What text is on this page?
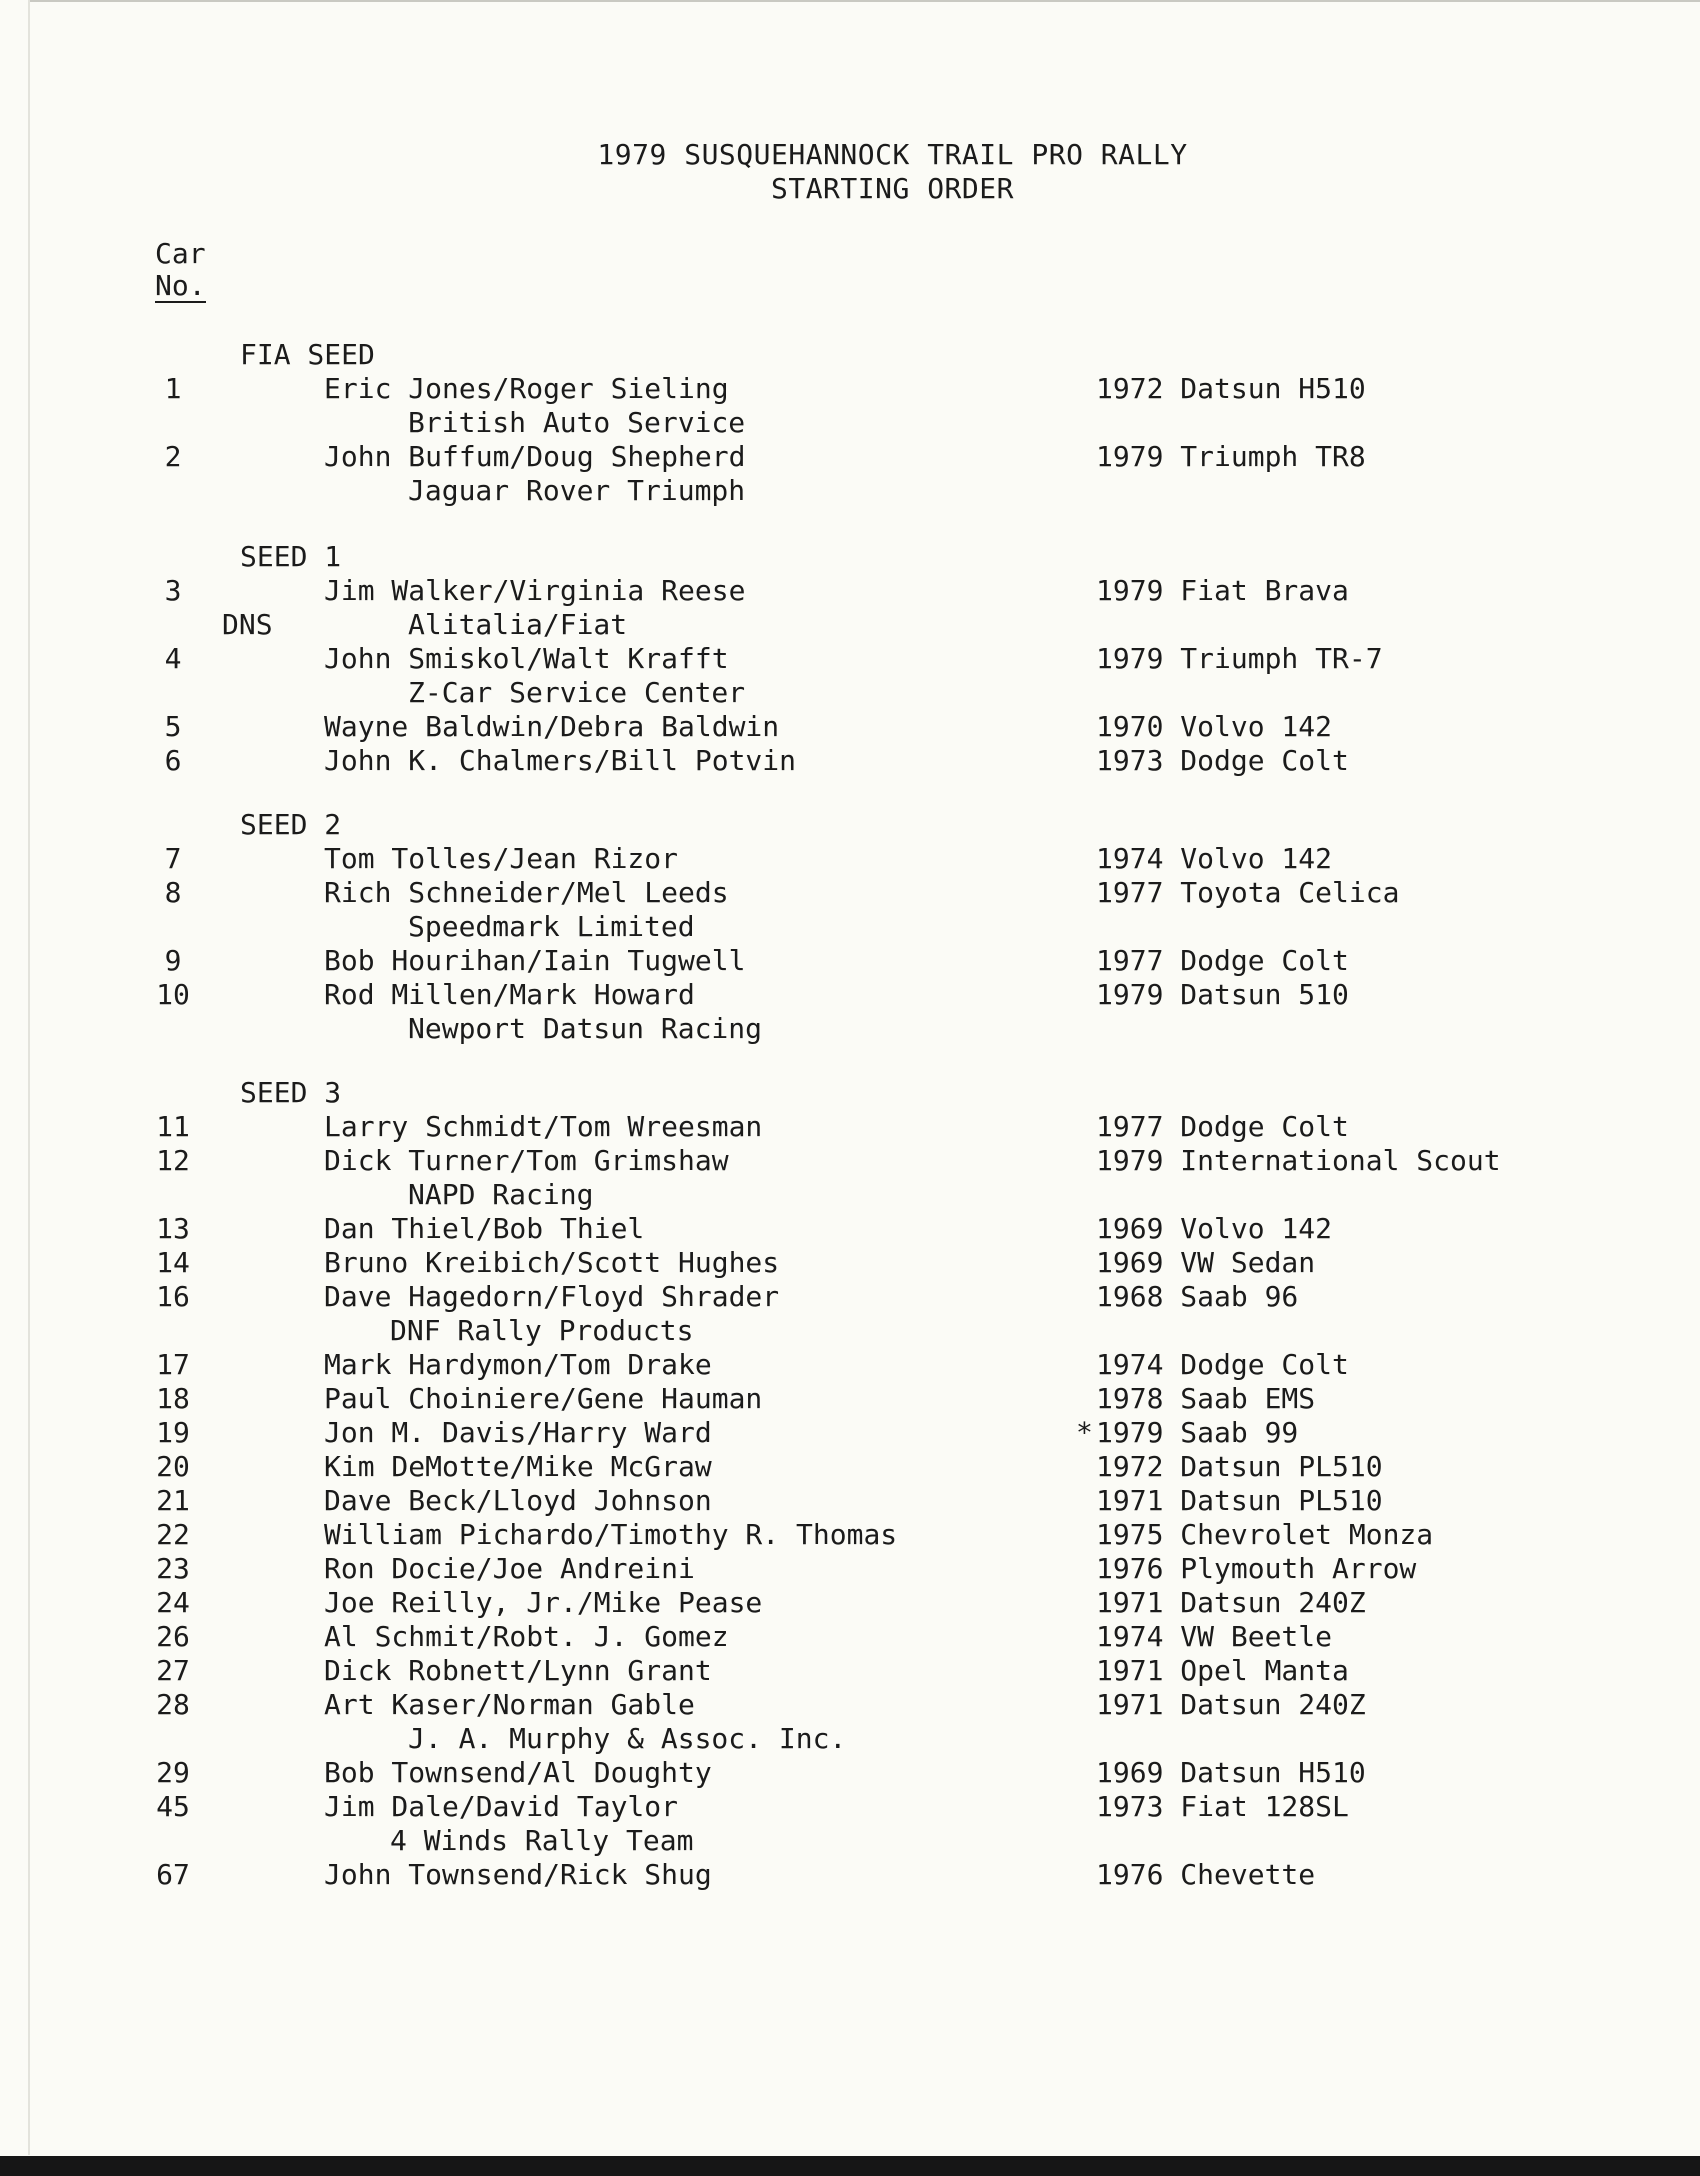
1979 SUSQUEHANNOCK TRAIL PRO RALLY
STARTING ORDER
Car
No.
FIA SEED
1	Eric Jones/Roger Sieling	1972 Datsun H510
British Auto Service
2	John Buffum/Doug Shepherd	1979 Triumph TR8
Jaguar Rover Triumph
SEED 1
3	Jim Walker/Virginia Reese	1979 Fiat Brava
DNS	Alitalia/Fiat
4	John Smiskol/Walt Krafft	1979 Triumph TR-7
Z-Car Service Center
5	Wayne Baldwin/Debra Baldwin	1970 Volvo 142
6	John K. Chalmers/Bill Potvin	1973 Dodge Colt
SEED 2
7	Tom Tolles/Jean Rizor	1974 Volvo 142
8	Rich Schneider/Mel Leeds	1977 Toyota Celica
Speedmark Limited
9	Bob Hourihan/Iain Tugwell	1977 Dodge Colt
10	Rod Millen/Mark Howard	1979 Datsun 510
Newport Datsun Racing
SEED 3
11	Larry Schmidt/Tom Wreesman	1977 Dodge Colt
12	Dick Turner/Tom Grimshaw	1979 International Scout
NAPD Racing
13	Dan Thiel/Bob Thiel	1969 Volvo 142
14	Bruno Kreibich/Scott Hughes	1969 VW Sedan
16	Dave Hagedorn/Floyd Shrader	1968 Saab 96
DNF Rally Products
17	Mark Hardymon/Tom Drake	1974 Dodge Colt
18	Paul Choiniere/Gene Hauman	1978 Saab EMS
19	Jon M. Davis/Harry Ward	* 1979 Saab 99
20	Kim DeMotte/Mike McGraw	1972 Datsun PL510
21	Dave Beck/Lloyd Johnson	1971 Datsun PL510
22	William Pichardo/Timothy R. Thomas	1975 Chevrolet Monza
23	Ron Docie/Joe Andreini	1976 Plymouth Arrow
24	Joe Reilly, Jr./Mike Pease	1971 Datsun 240Z
26	Al Schmit/Robt. J. Gomez	1974 VW Beetle
27	Dick Robnett/Lynn Grant	1971 Opel Manta
28	Art Kaser/Norman Gable	1971 Datsun 240Z
J. A. Murphy & Assoc. Inc.
29	Bob Townsend/Al Doughty	1969 Datsun H510
45	Jim Dale/David Taylor	1973 Fiat 128SL
4 Winds Rally Team
67	John Townsend/Rick Shug	1976 Chevette
